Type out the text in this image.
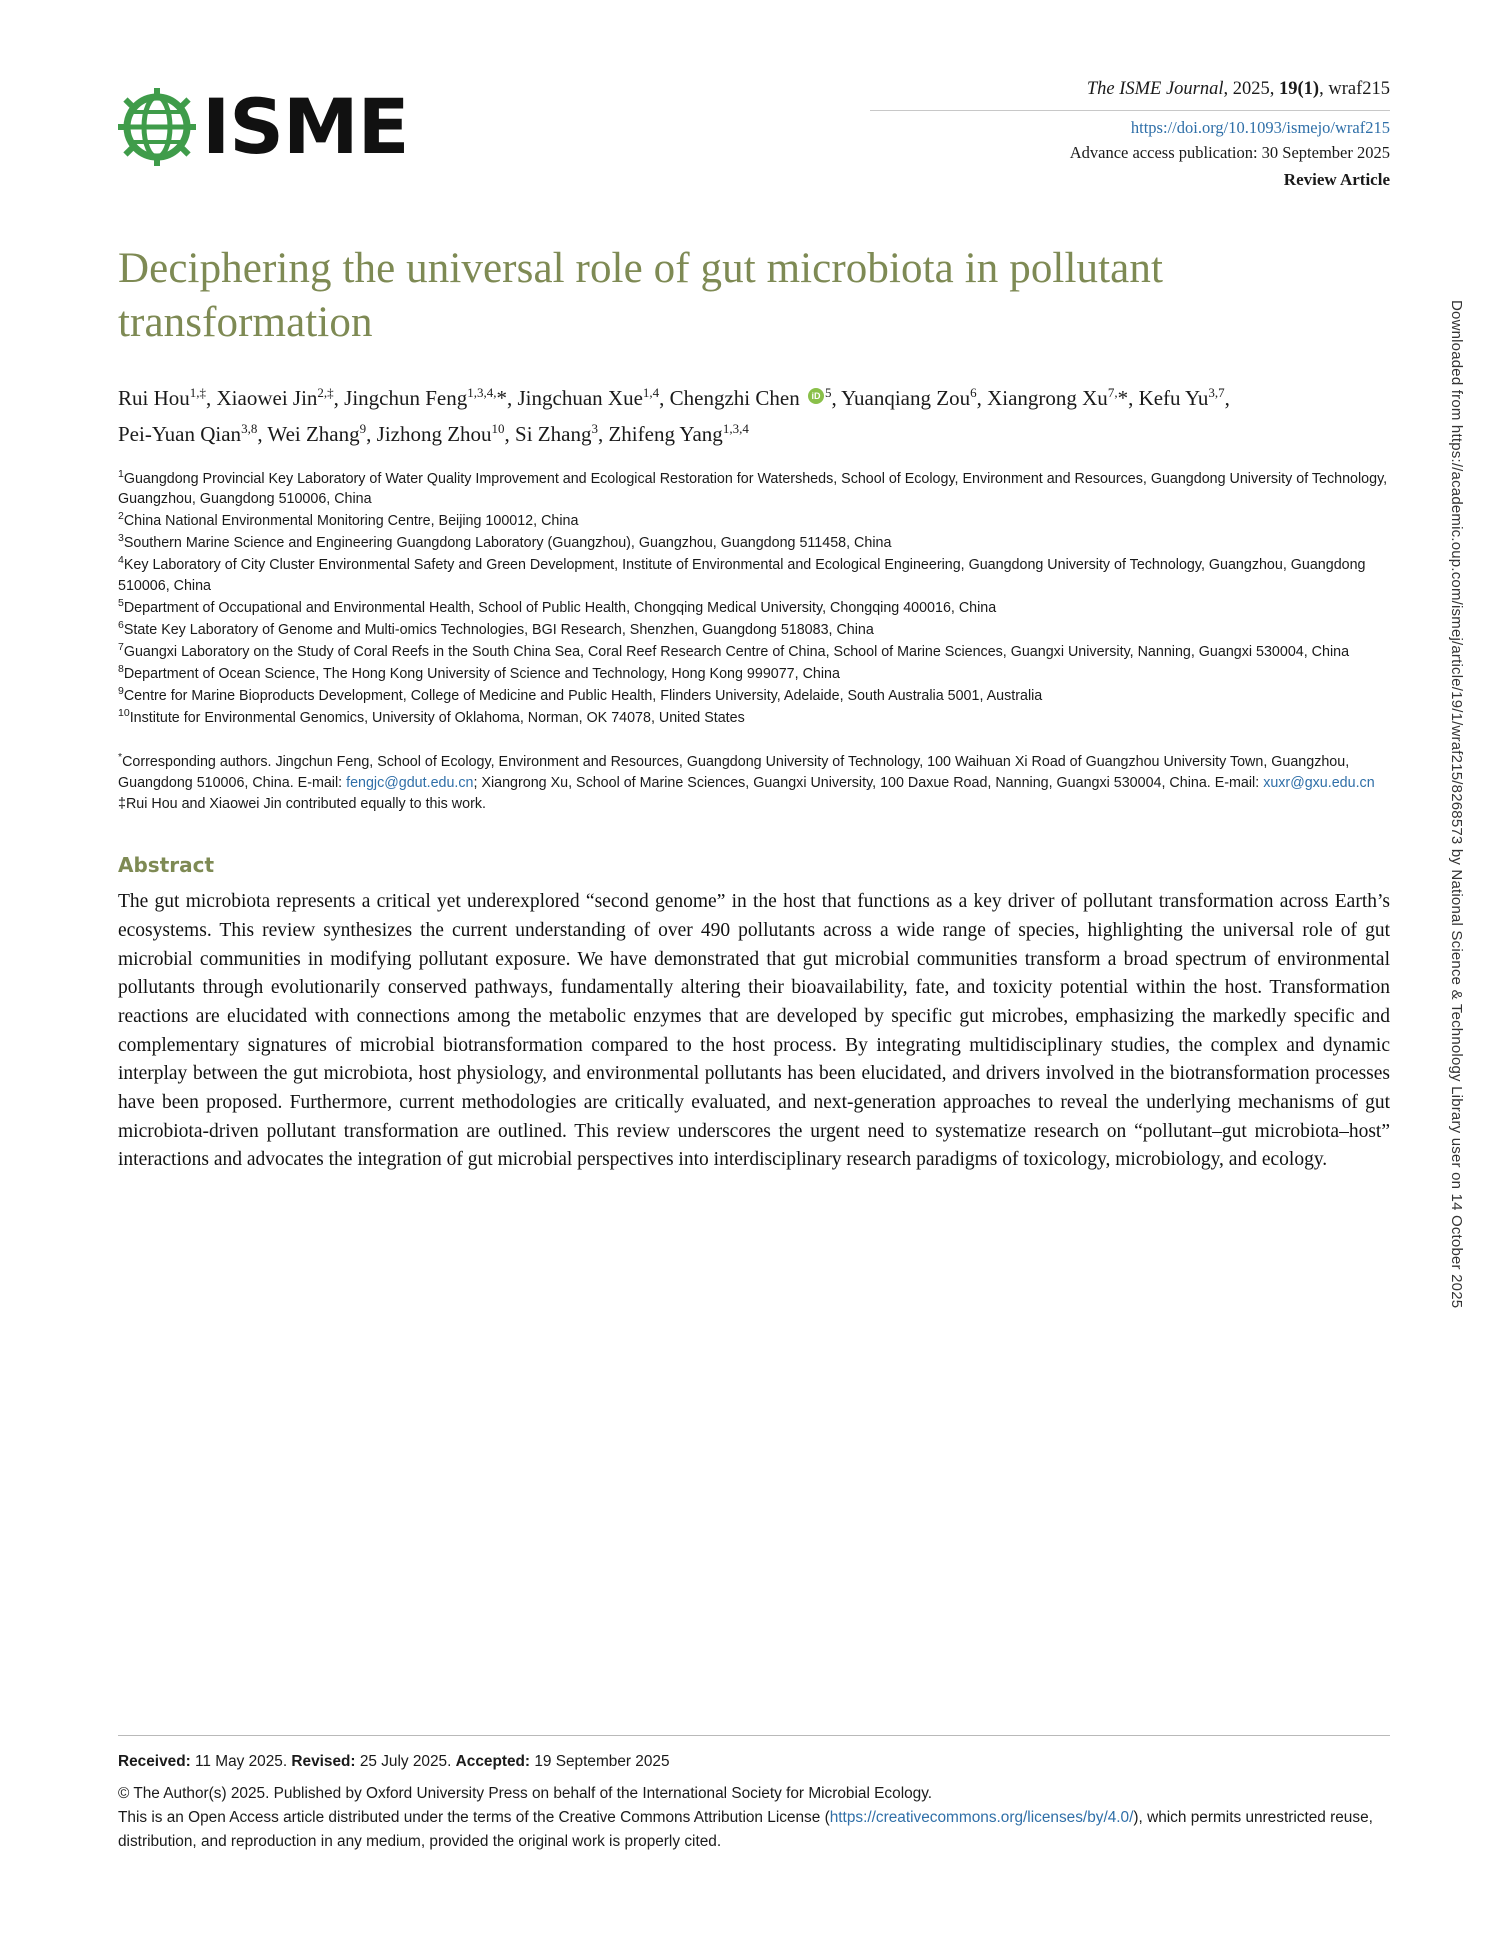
ISME	The ISME Journal, 2025, 19(1), wraf215
https://doi.org/10.1093/ismejo/wraf215
Advance access publication: 30 September 2025
Review Article
Deciphering the universal role of gut microbiota in pollutant transformation
Rui Hou$^{1,\ddagger}$, Xiaowei Jin$^{2,\ddagger}$, Jingchun Feng$^{1,3,4,}$*, Jingchuan Xue$^{1,4}$, Chengzhi Chen $iD^5$, Yuanqiang Zou$^6$, Xiangrong $Xu^{7,}*$, Kefu Yu$^{3,7}$,
Pei-Yuan Qian$^{3,8}$, Wei Zhang$^9$, Jizhong Zhou$^{10}$, Si Zhang$^3$, Zhifeng Yang$^{1,3,4}$
$^1$Guangdong Provincial Key Laboratory of Water Quality Improvement and Ecological Restoration for Watersheds, School of Ecology, Environment and Resources, Guangdong University of Technology, Guangzhou, Guangdong 510006, China
$^2$China National Environmental Monitoring Centre, Beijing 100012, China
$^3$Southern Marine Science and Engineering Guangdong Laboratory (Guangzhou), Guangzhou, Guangdong 511458, China
$^4$Key Laboratory of City Cluster Environmental Safety and Green Development, Institute of Environmental and Ecological Engineering, Guangdong University of Technology, Guangzhou, Guangdong 510006, China
$^5$Department of Occupational and Environmental Health, School of Public Health, Chongqing Medical University, Chongqing 400016, China
$^6$State Key Laboratory of Genome and Multi-omics Technologies, BGI Research, Shenzhen, Guangdong 518083, China
$^7$Guangxi Laboratory on the Study of Coral Reefs in the South China Sea, Coral Reef Research Centre of China, School of Marine Sciences, Guangxi University, Nanning, Guangxi 530004, China
$^8$Department of Ocean Science, The Hong Kong University of Science and Technology, Hong Kong 999077, China
$^9$Centre for Marine Bioproducts Development, College of Medicine and Public Health, Flinders University, Adelaide, South Australia 5001, Australia
$^{10}$Institute for Environmental Genomics, University of Oklahoma, Norman, OK 74078, United States
*Corresponding authors. Jingchun Feng, School of Ecology, Environment and Resources, Guangdong University of Technology, 100 Waihuan Xi Road of Guangzhou University Town, Guangzhou, Guangdong 510006, China. E-mail: fengjc@gdut.edu.cn; Xiangrong Xu, School of Marine Sciences, Guangxi University, 100 Daxue Road, Nanning, Guangxi 530004, China. E-mail: xuxr@gxu.edu.cn
‡Rui Hou and Xiaowei Jin contributed equally to this work.
Abstract
The gut microbiota represents a critical yet underexplored “second genome” in the host that functions as a key driver of pollutant transformation across Earth’s ecosystems. This review synthesizes the current understanding of over 490 pollutants across a wide range of species, highlighting the universal role of gut microbial communities in modifying pollutant exposure. We have demonstrated that gut microbial communities transform a broad spectrum of environmental pollutants through evolutionarily conserved pathways, fundamentally altering their bioavailability, fate, and toxicity potential within the host. Transformation reactions are elucidated with connections among the metabolic enzymes that are developed by specific gut microbes, emphasizing the markedly specific and complementary signatures of microbial biotransformation compared to the host process. By integrating multidisciplinary studies, the complex and dynamic interplay between the gut microbiota, host physiology, and environmental pollutants has been elucidated, and drivers involved in the biotransformation processes have been proposed. Furthermore, current methodologies are critically evaluated, and next-generation approaches to reveal the underlying mechanisms of gut microbiota-driven pollutant transformation are outlined. This review underscores the urgent need to systematize research on “pollutant–gut microbiota–host” interactions and advocates the integration of gut microbial perspectives into interdisciplinary research paradigms of toxicology, microbiology, and ecology.
Received: 11 May 2025. Revised: 25 July 2025. Accepted: 19 September 2025
© The Author(s) 2025. Published by Oxford University Press on behalf of the International Society for Microbial Ecology.
This is an Open Access article distributed under the terms of the Creative Commons Attribution License (https://creativecommons.org/licenses/by/4.0/), which permits unrestricted reuse, distribution, and reproduction in any medium, provided the original work is properly cited.
Downloaded from https://academic.oup.com/ismej/article/19/1/wraf215/8268573 by National Science & Technology Library user on 14 October 2025
